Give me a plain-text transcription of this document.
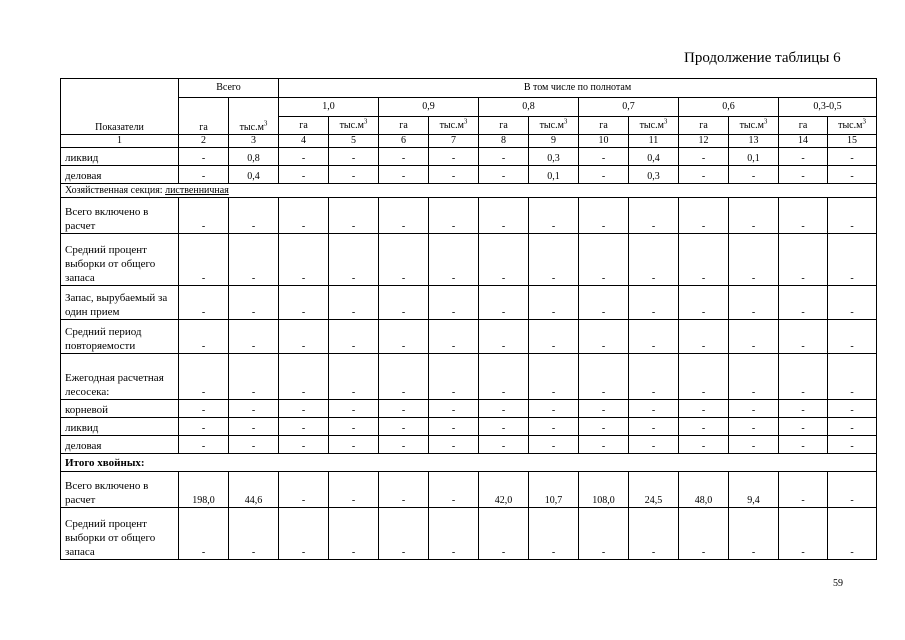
Продолжение таблицы 6
Показатели	Всего		В том числе по полнотам											
	га	$тыс.м^3$	1,0		0,9		0,8		0,7		0,6		0,3-0,5	
			га	$тыс.м^3$	га	$тыс.м^3$	га	$тыс.м^3$	га	$тыс.м^3$	га	$тыс.м^3$	га	$тыс.м^3$
1	2	3	4	5	6	7	8	9	10	11	12	13	14	15
ликвид	-	0,8	-	-	-	-	-	0,3	-	0,4	-	0,1	-	-
деловая	-	0,4	-	-	-	-	-	0,1	-	0,3	-	-	-	-
Хозяйственная секция: лиственничная														
Всего включено в расчет	-	-	-	-	-	-	-	-	-	-	-	-	-	-
Средний процент выборки от общего запаса	-	-	-	-	-	-	-	-	-	-	-	-	-	-
Запас, вырубаемый за один прием	-	-	-	-	-	-	-	-	-	-	-	-	-	-
Средний период повторяемости	-	-	-	-	-	-	-	-	-	-	-	-	-	-
Ежегодная расчетная лесосека:	-	-	-	-	-	-	-	-	-	-	-	-	-	-
корневой	-	-	-	-	-	-	-	-	-	-	-	-	-	-
ликвид	-	-	-	-	-	-	-	-	-	-	-	-	-	-
деловая	-	-	-	-	-	-	-	-	-	-	-	-	-	-
Итого хвойных:														
Всего включено в расчет	198,0	44,6	-	-	-	-	42,0	10,7	108,0	24,5	48,0	9,4	-	-
Средний процент выборки от общего запаса	-	-	-	-	-	-	-	-	-	-	-	-	-	-
59
